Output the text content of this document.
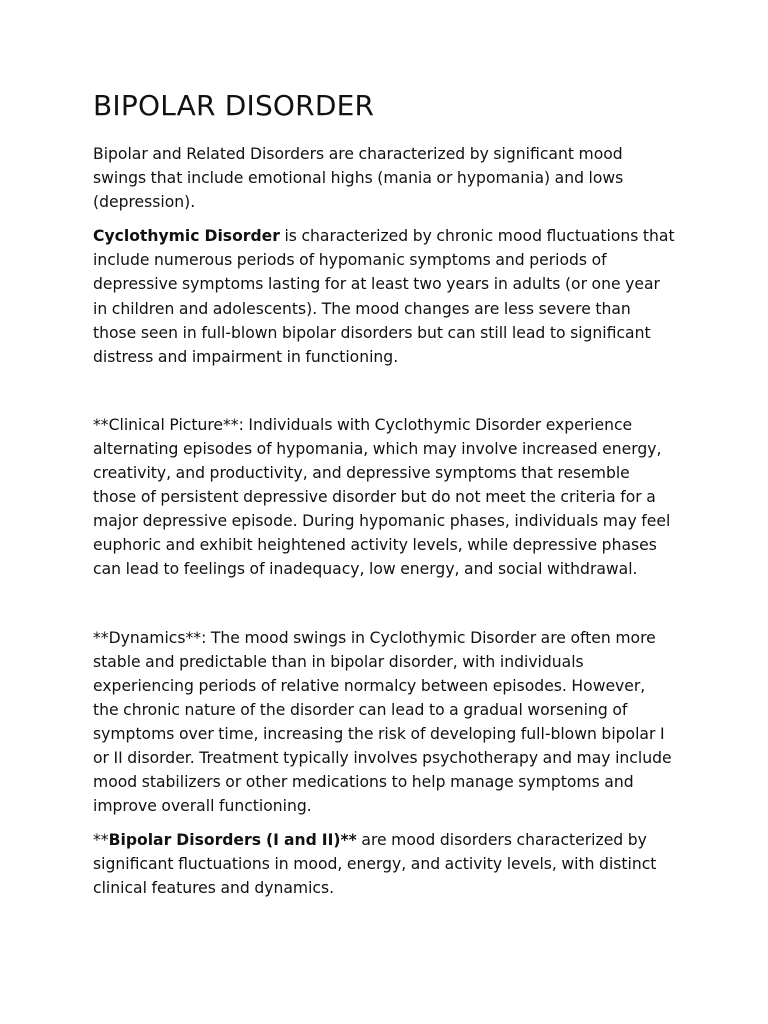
BIPOLAR DISORDER

Bipolar and Related Disorders are characterized by significant mood swings that include emotional highs (mania or hypomania) and lows (depression).

Cyclothymic Disorder is characterized by chronic mood fluctuations that include numerous periods of hypomanic symptoms and periods of depressive symptoms lasting for at least two years in adults (or one year in children and adolescents). The mood changes are less severe than those seen in full-blown bipolar disorders but can still lead to significant distress and impairment in functioning.

**Clinical Picture**: Individuals with Cyclothymic Disorder experience alternating episodes of hypomania, which may involve increased energy, creativity, and productivity, and depressive symptoms that resemble those of persistent depressive disorder but do not meet the criteria for a major depressive episode. During hypomanic phases, individuals may feel euphoric and exhibit heightened activity levels, while depressive phases can lead to feelings of inadequacy, low energy, and social withdrawal.

**Dynamics**: The mood swings in Cyclothymic Disorder are often more stable and predictable than in bipolar disorder, with individuals experiencing periods of relative normalcy between episodes. However, the chronic nature of the disorder can lead to a gradual worsening of symptoms over time, increasing the risk of developing full-blown bipolar I or II disorder. Treatment typically involves psychotherapy and may include mood stabilizers or other medications to help manage symptoms and improve overall functioning.

**Bipolar Disorders (I and II)** are mood disorders characterized by significant fluctuations in mood, energy, and activity levels, with distinct clinical features and dynamics.
